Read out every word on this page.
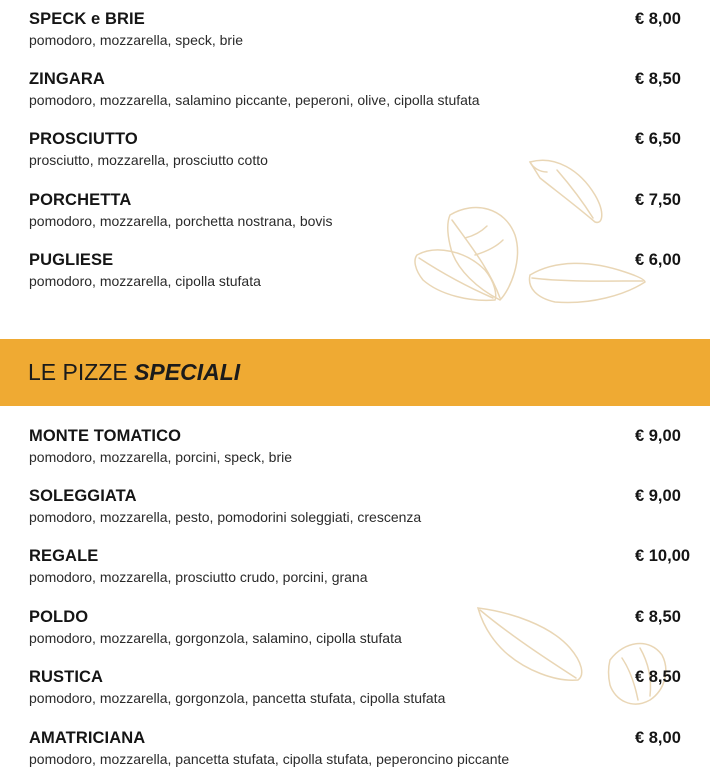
SPECK e BRIE
pomodoro, mozzarella, speck, brie
€ 8,00
ZINGARA
pomodoro, mozzarella, salamino piccante, peperoni, olive, cipolla stufata
€ 8,50
PROSCIUTTO
prosciutto, mozzarella, prosciutto cotto
€ 6,50
PORCHETTA
pomodoro, mozzarella, porchetta nostrana, bovis
€ 7,50
PUGLIESE
pomodoro, mozzarella, cipolla stufata
€ 6,00
LE PIZZE SPECIALI
MONTE TOMATICO
pomodoro, mozzarella, porcini, speck, brie
€ 9,00
SOLEGGIATA
pomodoro, mozzarella, pesto, pomodorini soleggiati, crescenza
€ 9,00
REGALE
pomodoro, mozzarella, prosciutto crudo, porcini, grana
€ 10,00
POLDO
pomodoro, mozzarella, gorgonzola, salamino, cipolla stufata
€ 8,50
RUSTICA
pomodoro, mozzarella, gorgonzola, pancetta stufata, cipolla stufata
€ 8,50
AMATRICIANA
pomodoro, mozzarella, pancetta stufata, cipolla stufata, peperoncino piccante
€ 8,00
